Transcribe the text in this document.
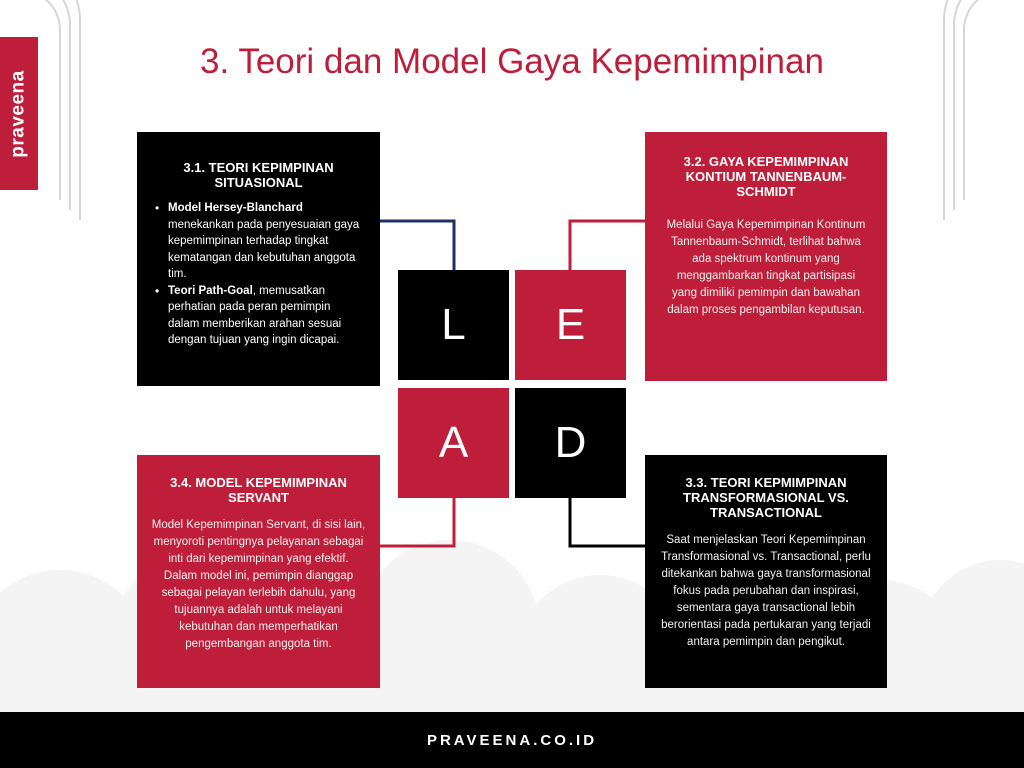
praveena
3. Teori dan Model Gaya Kepemimpinan
3.1. TEORI KEPIMPINAN SITUASIONAL
• Model Hersey-Blanchard menekankan pada penyesuaian gaya kepemimpinan terhadap tingkat kematangan dan kebutuhan anggota tim.
• Teori Path-Goal, memusatkan perhatian pada peran pemimpin dalam memberikan arahan sesuai dengan tujuan yang ingin dicapai.
3.2. GAYA KEPEMIMPINAN KONTIUM TANNENBAUM-SCHMIDT

Melalui Gaya Kepemimpinan Kontinum Tannenbaum-Schmidt, terlihat bahwa ada spektrum kontinum yang menggambarkan tingkat partisipasi yang dimiliki pemimpin dan bawahan dalam proses pengambilan keputusan.

3.3. TEORI KEPMIMPINAN TRANSFORMASIONAL VS. TRANSACTIONAL

Saat menjelaskan Teori Kepemimpinan Transformasional vs. Transactional, perlu ditekankan bahwa gaya transformasional fokus pada perubahan dan inspirasi, sementara gaya transactional lebih berorientasi pada pertukaran yang terjadi antara pemimpin dan pengikut.

3.4. MODEL KEPEMIMPINAN SERVANT

Model Kepemimpinan Servant, di sisi lain, menyoroti pentingnya pelayanan sebagai inti dari kepemimpinan yang efektif. Dalam model ini, pemimpin dianggap sebagai pelayan terlebih dahulu, yang tujuannya adalah untuk melayani kebutuhan dan memperhatikan pengembangan anggota tim.

L E
A D
PRAVEENA.CO.ID
